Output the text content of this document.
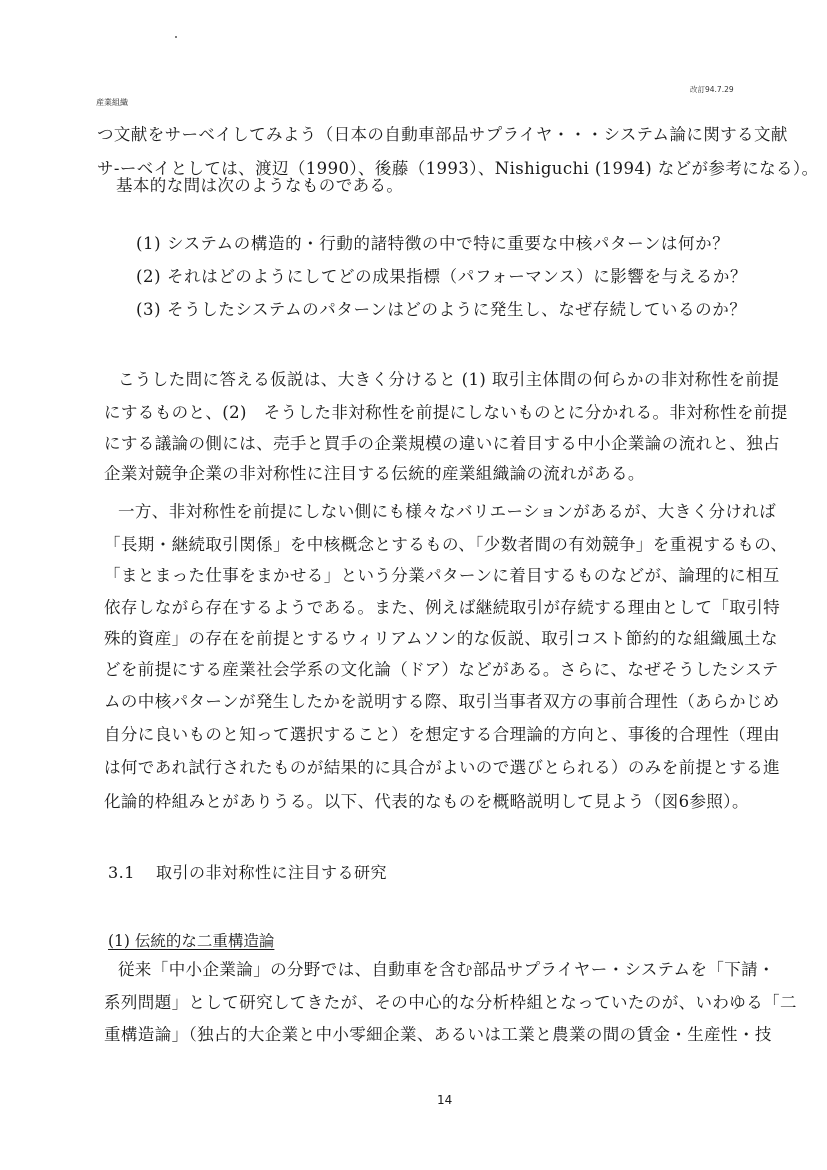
産業組織
改訂94.7.29
つ文献をサーベイしてみよう（日本の自動車部品サプライヤ・・・システム論に関する文献
サ-ーベイとしては、渡辺（1990）、後藤（1993）、Nishiguchi (1994) などが参考になる）。
基本的な問は次のようなものである。
(1) システムの構造的・行動的諸特徴の中で特に重要な中核パターンは何か？
(2) それはどのようにしてどの成果指標（パフォーマンス）に影響を与えるか？
(3) そうしたシステムのパターンはどのように発生し、なぜ存続しているのか？
こうした問に答える仮説は、大きく分けると (1) 取引主体間の何らかの非対称性を前提
にするものと、(2)　そうした非対称性を前提にしないものとに分かれる。非対称性を前提
にする議論の側には、売手と買手の企業規模の違いに着目する中小企業論の流れと、独占
企業対競争企業の非対称性に注目する伝統的産業組織論の流れがある。
一方、非対称性を前提にしない側にも様々なバリエーションがあるが、大きく分ければ
「長期・継続取引関係」を中核概念とするもの、「少数者間の有効競争」を重視するもの、
「まとまった仕事をまかせる」という分業パターンに着目するものなどが、論理的に相互
依存しながら存在するようである。また、例えば継続取引が存続する理由として「取引特
殊的資産」の存在を前提とするウィリアムソン的な仮説、取引コスト節約的な組織風土な
どを前提にする産業社会学系の文化論（ドア）などがある。さらに、なぜそうしたシステ
ムの中核パターンが発生したかを説明する際、取引当事者双方の事前合理性（あらかじめ
自分に良いものと知って選択すること）を想定する合理論的方向と、事後的合理性（理由
は何であれ試行されたものが結果的に具合がよいので選びとられる）のみを前提とする進
化論的枠組みとがありうる。以下、代表的なものを概略説明して見よう（図6参照）。
3.1 取引の非対称性に注目する研究
(1) 伝統的な二重構造論
従来「中小企業論」の分野では、自動車を含む部品サプライヤー・システムを「下請・
系列問題」として研究してきたが、その中心的な分析枠組となっていたのが、いわゆる「二
重構造論」（独占的大企業と中小零細企業、あるいは工業と農業の間の賃金・生産性・技
14
